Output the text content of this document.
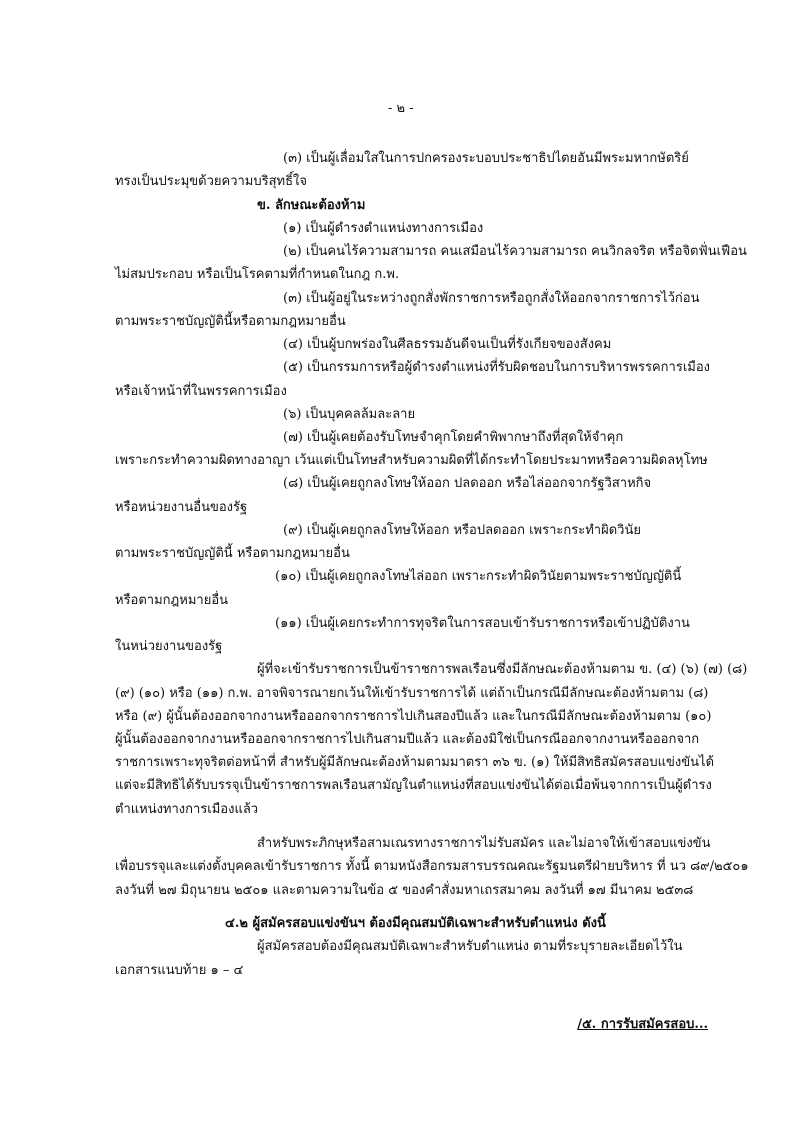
- ๒ -
(๓) เป็นผู้เลื่อมใสในการปกครองระบอบประชาธิปไตยอันมีพระมหากษัตริย์
ทรงเป็นประมุขด้วยความบริสุทธิ์ใจ
ข. ลักษณะต้องห้าม
(๑) เป็นผู้ดำรงตำแหน่งทางการเมือง
(๒) เป็นคนไร้ความสามารถ คนเสมือนไร้ความสามารถ คนวิกลจริต หรือจิตฟั่นเฟือน
ไม่สมประกอบ หรือเป็นโรคตามที่กำหนดในกฎ ก.พ.
(๓) เป็นผู้อยู่ในระหว่างถูกสั่งพักราชการหรือถูกสั่งให้ออกจากราชการไว้ก่อน
ตามพระราชบัญญัตินี้หรือตามกฎหมายอื่น
(๔) เป็นผู้บกพร่องในศีลธรรมอันดีจนเป็นที่รังเกียจของสังคม
(๕) เป็นกรรมการหรือผู้ดำรงตำแหน่งที่รับผิดชอบในการบริหารพรรคการเมือง
หรือเจ้าหน้าที่ในพรรคการเมือง
(๖) เป็นบุคคลล้มละลาย
(๗) เป็นผู้เคยต้องรับโทษจำคุกโดยคำพิพากษาถึงที่สุดให้จำคุก
เพราะกระทำความผิดทางอาญา เว้นแต่เป็นโทษสำหรับความผิดที่ได้กระทำโดยประมาทหรือความผิดลหุโทษ
(๘) เป็นผู้เคยถูกลงโทษให้ออก ปลดออก หรือไล่ออกจากรัฐวิสาหกิจ
หรือหน่วยงานอื่นของรัฐ
(๙) เป็นผู้เคยถูกลงโทษให้ออก หรือปลดออก เพราะกระทำผิดวินัย
ตามพระราชบัญญัตินี้ หรือตามกฎหมายอื่น
(๑๐) เป็นผู้เคยถูกลงโทษไล่ออก เพราะกระทำผิดวินัยตามพระราชบัญญัตินี้
หรือตามกฎหมายอื่น
(๑๑) เป็นผู้เคยกระทำการทุจริตในการสอบเข้ารับราชการหรือเข้าปฏิบัติงาน
ในหน่วยงานของรัฐ
ผู้ที่จะเข้ารับราชการเป็นข้าราชการพลเรือนซึ่งมีลักษณะต้องห้ามตาม ข. (๔) (๖) (๗) (๘)
(๙) (๑๐) หรือ (๑๑) ก.พ. อาจพิจารณายกเว้นให้เข้ารับราชการได้ แต่ถ้าเป็นกรณีมีลักษณะต้องห้ามตาม (๘)
หรือ (๙) ผู้นั้นต้องออกจากงานหรือออกจากราชการไปเกินสองปีแล้ว และในกรณีมีลักษณะต้องห้ามตาม (๑๐)
ผู้นั้นต้องออกจากงานหรือออกจากราชการไปเกินสามปีแล้ว และต้องมิใช่เป็นกรณีออกจากงานหรือออกจาก
ราชการเพราะทุจริตต่อหน้าที่ สำหรับผู้มีลักษณะต้องห้ามตามมาตรา ๓๖ ข. (๑) ให้มีสิทธิสมัครสอบแข่งขันได้
แต่จะมีสิทธิได้รับบรรจุเป็นข้าราชการพลเรือนสามัญในตำแหน่งที่สอบแข่งขันได้ต่อเมื่อพ้นจากการเป็นผู้ดำรง
ตำแหน่งทางการเมืองแล้ว
สำหรับพระภิกษุหรือสามเณรทางราชการไม่รับสมัคร และไม่อาจให้เข้าสอบแข่งขัน
เพื่อบรรจุและแต่งตั้งบุคคลเข้ารับราชการ ทั้งนี้ ตามหนังสือกรมสารบรรณคณะรัฐมนตรีฝ่ายบริหาร ที่ นว ๘๙/๒๕๐๑
ลงวันที่ ๒๗ มิถุนายน ๒๕๐๑ และตามความในข้อ ๕ ของคำสั่งมหาเถรสมาคม ลงวันที่ ๑๗ มีนาคม ๒๕๓๘
๔.๒ ผู้สมัครสอบแข่งขันฯ ต้องมีคุณสมบัติเฉพาะสำหรับตำแหน่ง ดังนี้
ผู้สมัครสอบต้องมีคุณสมบัติเฉพาะสำหรับตำแหน่ง ตามที่ระบุรายละเอียดไว้ใน
เอกสารแนบท้าย ๑ – ๔
/๕. การรับสมัครสอบ...
